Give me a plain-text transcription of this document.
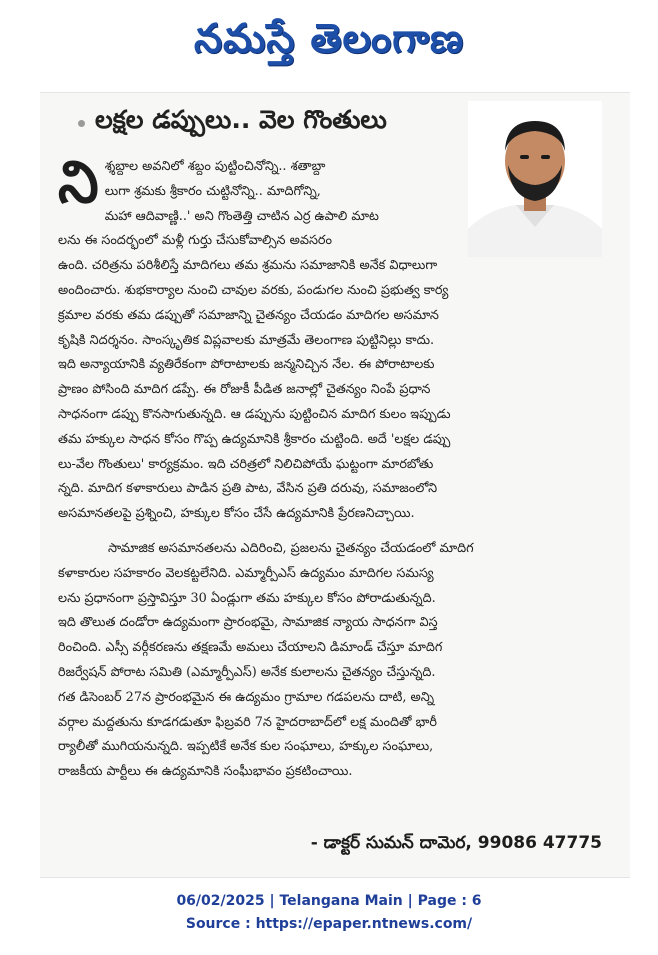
నమస్తే తెలంగాణ
లక్షల డప్పులు.. వెల గొంతులు

ని శ్శబ్దాల అవనిలో శబ్దం పుట్టించినోన్ని.. శతాబ్దా
లుగా శ్రమకు శ్రీకారం చుట్టినోన్ని.. మాదిగోన్ని,
మహా ఆదివాణ్ణి..' అని గొంతెత్తి చాటిన ఎర్ర ఉపాలి మాట
లను ఈ సందర్భంలో మళ్లీ గుర్తు చేసుకోవాల్సిన అవసరం
ఉంది. చరిత్రను పరిశీలిస్తే మాదిగలు తమ శ్రమను సమాజానికి అనేక విధాలుగా
అందించారు. శుభకార్యాల నుంచి చావుల వరకు, పండుగల నుంచి ప్రభుత్వ కార్య
క్రమాల వరకు తమ డప్పుతో సమాజాన్ని చైతన్యం చేయడం మాదిగల అసమాన
కృషికి నిదర్శనం. సాంస్కృతిక విప్లవాలకు మాత్రమే తెలంగాణ పుట్టినిల్లు కాదు.
ఇది అన్యాయానికి వ్యతిరేకంగా పోరాటాలకు జన్మనిచ్చిన నేల. ఈ పోరాటాలకు
ప్రాణం పోసింది మాదిగ డప్పే. ఈ రోజుకీ పీడిత జనాల్లో చైతన్యం నింపే ప్రధాన
సాధనంగా డప్పు కొనసాగుతున్నది. ఆ డప్పును పుట్టించిన మాదిగ కులం ఇప్పుడు
తమ హక్కుల సాధన కోసం గొప్ప ఉద్యమానికి శ్రీకారం చుట్టింది. అదే 'లక్షల డప్పు
లు-వేల గొంతులు' కార్యక్రమం. ఇది చరిత్రలో నిలిచిపోయే ఘట్టంగా మారబోతు
న్నది. మాదిగ కళాకారులు పాడిన ప్రతి పాట, వేసిన ప్రతి దరువు, సమాజంలోని
అసమానతలపై ప్రశ్నించి, హక్కుల కోసం చేసే ఉద్యమానికి ప్రేరణనిచ్చాయి.

సామాజిక అసమానతలను ఎదిరించి, ప్రజలను చైతన్యం చేయడంలో మాదిగ
కళాకారుల సహకారం వెలకట్టలేనిది. ఎమ్మార్పీఎస్ ఉద్యమం మాదిగల సమస్య
లను ప్రధానంగా ప్రస్తావిస్తూ 30 ఏండ్లుగా తమ హక్కుల కోసం పోరాడుతున్నది.
ఇది తొలుత దండోరా ఉద్యమంగా ప్రారంభమై, సామాజిక న్యాయ సాధనగా విస్త
రించింది. ఎస్సీ వర్గీకరణను తక్షణమే అమలు చేయాలని డిమాండ్ చేస్తూ మాదిగ
రిజర్వేషన్ పోరాట సమితి (ఎమ్మార్పీఎస్) అనేక కులాలను చైతన్యం చేస్తున్నది.
గత డిసెంబర్ 27న ప్రారంభమైన ఈ ఉద్యమం గ్రామాల గడపలను దాటి, అన్ని
వర్గాల మద్దతును కూడగడుతూ ఫిబ్రవరి 7న హైదరాబాద్‌లో లక్ష మందితో భారీ
ర్యాలీతో ముగియనున్నది. ఇప్పటికే అనేక కుల సంఘాలు, హక్కుల సంఘాలు,
రాజకీయ పార్టీలు ఈ ఉద్యమానికి సంఘీభావం ప్రకటించాయి.

- డాక్టర్ సుమన్ దామెర, 99086 47775
06/02/2025 | Telangana Main | Page : 6
Source : https://epaper.ntnews.com/
